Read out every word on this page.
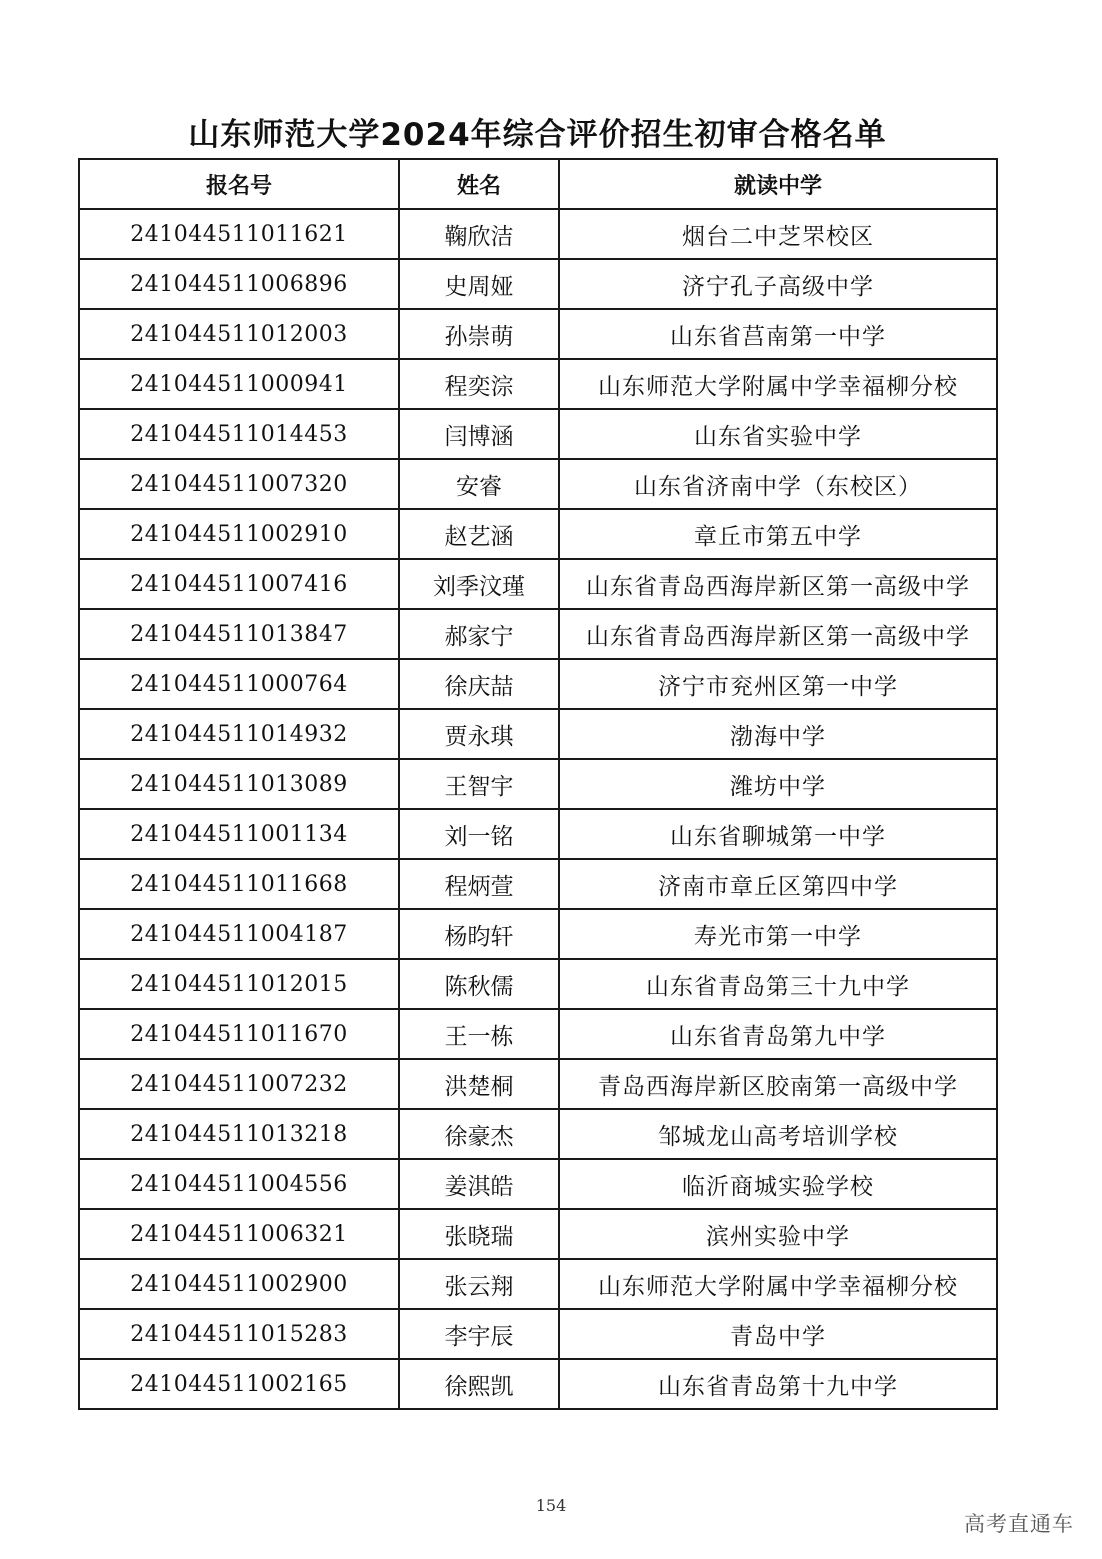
山东师范大学2024年综合评价招生初审合格名单
报名号	姓名	就读中学
241044511011621	鞠欣洁	烟台二中芝罘校区
241044511006896	史周娅	济宁孔子高级中学
241044511012003	孙崇萌	山东省莒南第一中学
241044511000941	程奕淙	山东师范大学附属中学幸福柳分校
241044511014453	闫博涵	山东省实验中学
241044511007320	安睿	山东省济南中学（东校区）
241044511002910	赵艺涵	章丘市第五中学
241044511007416	刘季汶瑾	山东省青岛西海岸新区第一高级中学
241044511013847	郝家宁	山东省青岛西海岸新区第一高级中学
241044511000764	徐庆喆	济宁市兖州区第一中学
241044511014932	贾永琪	渤海中学
241044511013089	王智宇	潍坊中学
241044511001134	刘一铭	山东省聊城第一中学
241044511011668	程炳萱	济南市章丘区第四中学
241044511004187	杨昀轩	寿光市第一中学
241044511012015	陈秋儒	山东省青岛第三十九中学
241044511011670	王一栋	山东省青岛第九中学
241044511007232	洪楚桐	青岛西海岸新区胶南第一高级中学
241044511013218	徐豪杰	邹城龙山高考培训学校
241044511004556	姜淇皓	临沂商城实验学校
241044511006321	张晓瑞	滨州实验中学
241044511002900	张云翔	山东师范大学附属中学幸福柳分校
241044511015283	李宇辰	青岛中学
241044511002165	徐熙凯	山东省青岛第十九中学
154
高考直通车
